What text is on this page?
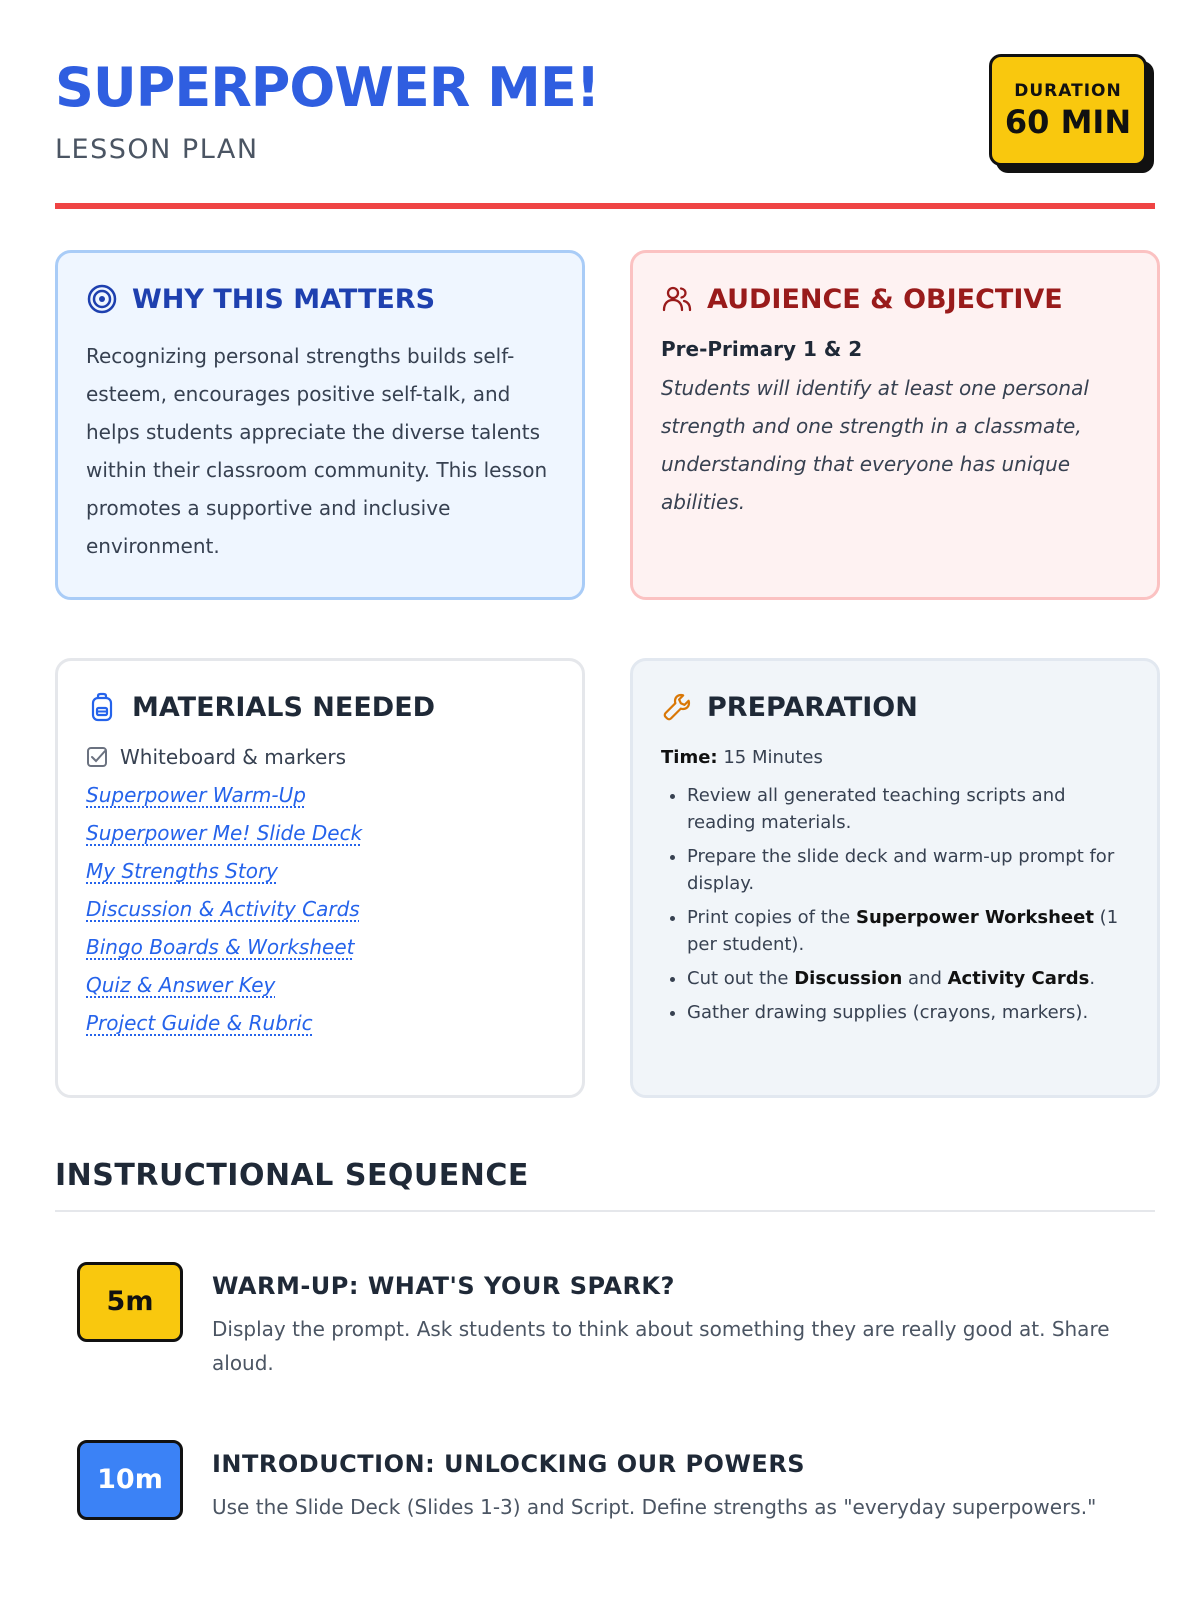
SUPERPOWER ME!
LESSON PLAN
DURATION
60 MIN
WHY THIS MATTERS

Recognizing personal strengths builds self-esteem, encourages positive self-talk, and helps students appreciate the diverse talents within their classroom community. This lesson promotes a supportive and inclusive environment.

AUDIENCE & OBJECTIVE
Pre-Primary 1 & 2
Students will identify at least one personal strength and one strength in a classmate, understanding that everyone has unique abilities.
MATERIALS NEEDED
Whiteboard & markers
Superpower Warm-Up
Superpower Me! Slide Deck
My Strengths Story
Discussion & Activity Cards
Bingo Boards & Worksheet
Quiz & Answer Key
Project Guide & Rubric
PREPARATION
Time: 15 Minutes
• Review all generated teaching scripts and reading materials.
• Prepare the slide deck and warm-up prompt for display.
• Print copies of the Superpower Worksheet (1 per student).
• Cut out the Discussion and Activity Cards.
• Gather drawing supplies (crayons, markers).
INSTRUCTIONAL SEQUENCE
5m	WARM-UP: WHAT'S YOUR SPARK?
Display the prompt. Ask students to think about something they are really good at. Share aloud.
10m	INTRODUCTION: UNLOCKING OUR POWERS
Use the Slide Deck (Slides 1-3) and Script. Define strengths as "everyday superpowers."
